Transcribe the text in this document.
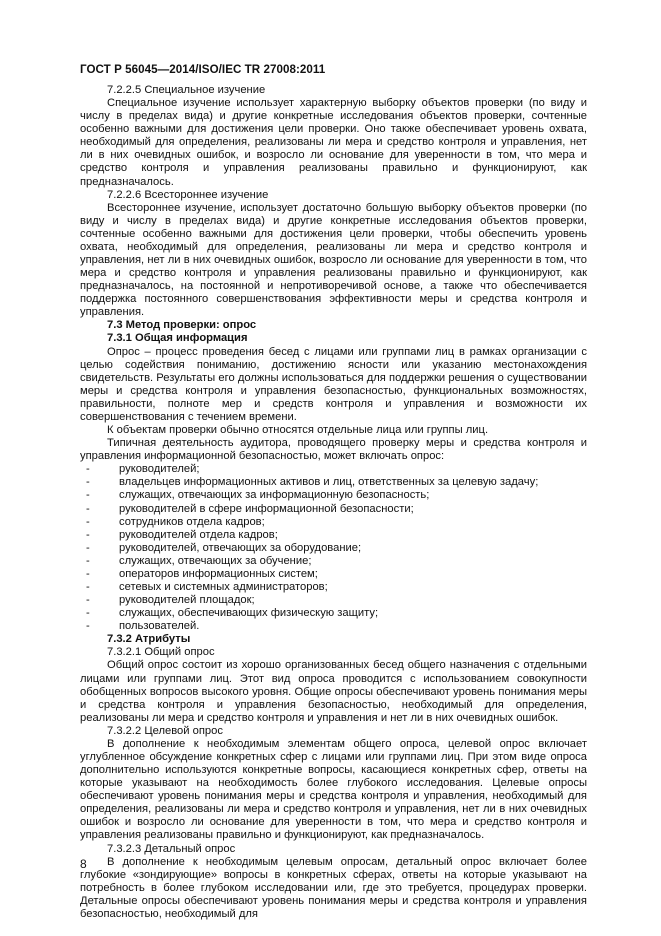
ГОСТ Р 56045—2014/ISO/IEC TR 27008:2011

7.2.2.5 Специальное изучение

Специальное изучение использует характерную выборку объектов проверки (по виду и числу в пределах вида) и другие конкретные исследования объектов проверки, сочтенные особенно важными для достижения цели проверки. Оно также обеспечивает уровень охвата, необходимый для определения, реализованы ли мера и средство контроля и управления, нет ли в них очевидных ошибок, и возросло ли основание для уверенности в том, что мера и средство контроля и управления реализованы правильно и функционируют, как предназначалось.

7.2.2.6 Всестороннее изучение

Всестороннее изучение, использует достаточно большую выборку объектов проверки (по виду и числу в пределах вида) и другие конкретные исследования объектов проверки, сочтенные особенно важными для достижения цели проверки, чтобы обеспечить уровень охвата, необходимый для определения, реализованы ли мера и средство контроля и управления, нет ли в них очевидных ошибок, возросло ли основание для уверенности в том, что мера и средство контроля и управления реализованы правильно и функционируют, как предназначалось, на постоянной и непротиворечивой основе, а также что обеспечивается поддержка постоянного совершенствования эффективности меры и средства контроля и управления.

7.3 Метод проверки: опрос

7.3.1 Общая информация

Опрос – процесс проведения бесед с лицами или группами лиц в рамках организации с целью содействия пониманию, достижению ясности или указанию местонахождения свидетельств. Результаты его должны использоваться для поддержки решения о существовании меры и средства контроля и управления безопасностью, функциональных возможностях, правильности, полноте мер и средств контроля и управления и возможности их совершенствования с течением времени.

К объектам проверки обычно относятся отдельные лица или группы лиц.

Типичная деятельность аудитора, проводящего проверку меры и средства контроля и управления информационной безопасностью, может включать опрос:

- руководителей;
- владельцев информационных активов и лиц, ответственных за целевую задачу;
- служащих, отвечающих за информационную безопасность;
- руководителей в сфере информационной безопасности;
- сотрудников отдела кадров;
- руководителей отдела кадров;
- руководителей, отвечающих за оборудование;
- служащих, отвечающих за обучение;
- операторов информационных систем;
- сетевых и системных администраторов;
- руководителей площадок;
- служащих, обеспечивающих физическую защиту;
- пользователей.

7.3.2 Атрибуты

7.3.2.1 Общий опрос

Общий опрос состоит из хорошо организованных бесед общего назначения с отдельными лицами или группами лиц. Этот вид опроса проводится с использованием совокупности обобщенных вопросов высокого уровня. Общие опросы обеспечивают уровень понимания меры и средства контроля и управления безопасностью, необходимый для определения, реализованы ли мера и средство контроля и управления и нет ли в них очевидных ошибок.

7.3.2.2 Целевой опрос

В дополнение к необходимым элементам общего опроса, целевой опрос включает углубленное обсуждение конкретных сфер с лицами или группами лиц. При этом виде опроса дополнительно используются конкретные вопросы, касающиеся конкретных сфер, ответы на которые указывают на необходимость более глубокого исследования. Целевые опросы обеспечивают уровень понимания меры и средства контроля и управления, необходимый для определения, реализованы ли мера и средство контроля и управления, нет ли в них очевидных ошибок и возросло ли основание для уверенности в том, что мера и средство контроля и управления реализованы правильно и функционируют, как предназначалось.

7.3.2.3 Детальный опрос

В дополнение к необходимым целевым опросам, детальный опрос включает более глубокие «зондирующие» вопросы в конкретных сферах, ответы на которые указывают на потребность в более глубоком исследовании или, где это требуется, процедурах проверки. Детальные опросы обеспечивают уровень понимания меры и средства контроля и управления безопасностью, необходимый для

8
